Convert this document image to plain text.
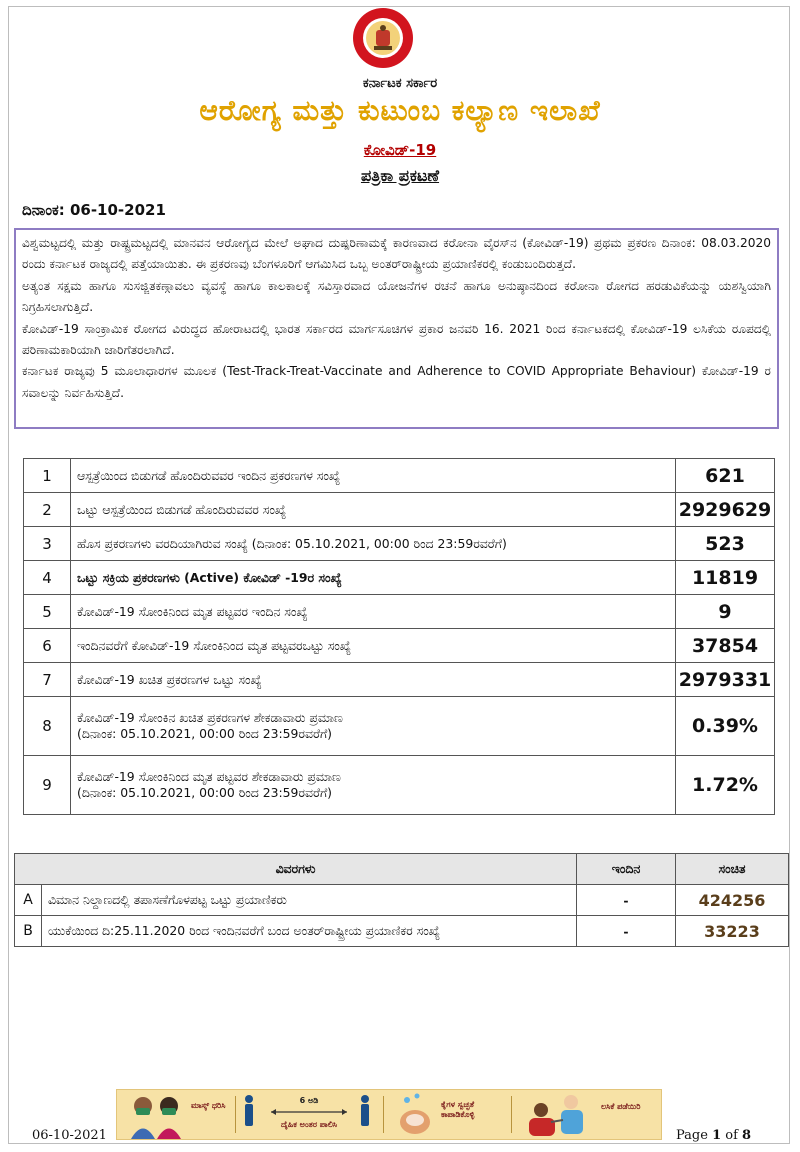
ಕರ್ನಾಟಕ ಸರ್ಕಾರ
ಆರೋಗ್ಯ ಮತ್ತು ಕುಟುಂಬ ಕಲ್ಯಾಣ ಇಲಾಖೆ
ಕೋವಿಡ್-19
ಪತ್ರಿಕಾ ಪ್ರಕಟಣೆ
ದಿನಾಂಕ: 06-10-2021

ವಿಶ್ವಮಟ್ಟದಲ್ಲಿ ಮತ್ತು ರಾಷ್ಟ್ರಮಟ್ಟದಲ್ಲಿ ಮಾನವನ ಆರೋಗ್ಯದ ಮೇಲೆ ಅಘಾದ ದುಷ್ಪರಿಣಾಮಕ್ಕೆ ಕಾರಣವಾದ ಕರೋನಾ ವೈರಸ್‌ನ (ಕೋವಿಡ್-19) ಪ್ರಥಮ ಪ್ರಕರಣ ದಿನಾಂಕ: 08.03.2020 ರಂದು ಕರ್ನಾಟಕ ರಾಜ್ಯದಲ್ಲಿ ಪತ್ತೆಯಾಯಿತು. ಈ ಪ್ರಕರಣವು ಬೆಂಗಳೂರಿಗೆ ಆಗಮಿಸಿದ ಒಬ್ಬ ಅಂತರ್‌ರಾಷ್ಟ್ರೀಯ ಪ್ರಯಾಣಿಕರಲ್ಲಿ ಕಂಡುಬಂದಿರುತ್ತದೆ.

ಅತ್ಯಂತ ಸಕ್ಷಮ ಹಾಗೂ ಸುಸಜ್ಜಿತಕಣ್ಗಾವಲು ವ್ಯವಸ್ಥೆ ಹಾಗೂ ಕಾಲಕಾಲಕ್ಕೆ ಸವಿಸ್ತಾರವಾದ ಯೋಜನೆಗಳ ರಚನೆ ಹಾಗೂ ಅನುಷ್ಠಾನದಿಂದ ಕರೋನಾ ರೋಗದ ಹರಡುವಿಕೆಯನ್ನು ಯಶಸ್ವಿಯಾಗಿ ನಿಗ್ರಹಿಸಲಾಗುತ್ತಿದೆ.

ಕೋವಿಡ್-19 ಸಾಂಕ್ರಾಮಿಕ ರೋಗದ ವಿರುದ್ಧದ ಹೋರಾಟದಲ್ಲಿ ಭಾರತ ಸರ್ಕಾರದ ಮಾರ್ಗಸೂಚಿಗಳ ಪ್ರಕಾರ ಜನವರಿ 16. 2021 ರಿಂದ ಕರ್ನಾಟಕದಲ್ಲಿ ಕೋವಿಡ್-19 ಲಸಿಕೆಯ ರೂಪದಲ್ಲಿ ಪರಿಣಾಮಕಾರಿಯಾಗಿ ಜಾರಿಗೆತರಲಾಗಿದೆ.

ಕರ್ನಾಟಕ ರಾಜ್ಯವು 5 ಮೂಲಾಧಾರಗಳ ಮೂಲಕ (Test-Track-Treat-Vaccinate and Adherence to COVID Appropriate Behaviour) ಕೋವಿಡ್-19 ರ ಸವಾಲನ್ನು ನಿರ್ವಹಿಸುತ್ತಿದೆ.

1	ಆಸ್ಪತ್ರೆಯಿಂದ ಬಿಡುಗಡೆ ಹೊಂದಿರುವವರ ಇಂದಿನ ಪ್ರಕರಣಗಳ ಸಂಖ್ಯೆ	621
2	ಒಟ್ಟು ಆಸ್ಪತ್ರೆಯಿಂದ ಬಿಡುಗಡೆ ಹೊಂದಿರುವವರ ಸಂಖ್ಯೆ	2929629
3	ಹೊಸ ಪ್ರಕರಣಗಳು ವರದಿಯಾಗಿರುವ ಸಂಖ್ಯೆ (ದಿನಾಂಕ: 05.10.2021, 00:00 ರಿಂದ 23:59ರವರೆಗೆ)	523
4	ಒಟ್ಟು ಸಕ್ರಿಯ ಪ್ರಕರಣಗಳು (Active) ಕೋವಿಡ್ -19ರ ಸಂಖ್ಯೆ	11819
5	ಕೋವಿಡ್-19 ಸೋಂಕಿನಿಂದ ಮೃತ ಪಟ್ಟವರ ಇಂದಿನ ಸಂಖ್ಯೆ	9
6	ಇಂದಿನವರೆಗೆ ಕೋವಿಡ್-19 ಸೋಂಕಿನಿಂದ ಮೃತ ಪಟ್ಟವರಒಟ್ಟು ಸಂಖ್ಯೆ	37854
7	ಕೋವಿಡ್-19 ಖಚಿತ ಪ್ರಕರಣಗಳ ಒಟ್ಟು ಸಂಖ್ಯೆ	2979331
8	ಕೋವಿಡ್-19 ಸೋಂಕಿನ ಖಚಿತ ಪ್ರಕರಣಗಳ ಶೇಕಡಾವಾರು ಪ್ರಮಾಣ
(ದಿನಾಂಕ: 05.10.2021, 00:00 ರಿಂದ 23:59ರವರೆಗೆ)	0.39%
9	ಕೋವಿಡ್-19 ಸೋಂಕಿನಿಂದ ಮೃತ ಪಟ್ಟವರ ಶೇಕಡಾವಾರು ಪ್ರಮಾಣ
(ದಿನಾಂಕ: 05.10.2021, 00:00 ರಿಂದ 23:59ರವರೆಗೆ)	1.72%
ವಿವರಗಳು		ಇಂದಿನ	ಸಂಚಿತ
A	ವಿಮಾನ ನಿಲ್ದಾಣದಲ್ಲಿ ತಪಾಸಣೆಗೊಳಪಟ್ಟ ಒಟ್ಟು ಪ್ರಯಾಣಿಕರು	-	424256
B	ಯುಕೆಯಿಂದ ದಿ:25.11.2020 ರಿಂದ ಇಂದಿನವರೆಗೆ ಬಂದ ಅಂತರ್‌ರಾಷ್ಟ್ರೀಯ ಪ್ರಯಾಣಿಕರ ಸಂಖ್ಯೆ	-	33223
ಮಾಸ್ಕ್ ಧರಿಸಿ
6 ಅಡಿ
ದೈಹಿಕ ಅಂತರ ಪಾಲಿಸಿ
ಕೈಗಳ ಸ್ವಚ್ಛತೆ ಕಾಪಾಡಿಕೊಳ್ಳಿ
ಲಸಿಕೆ ಪಡೆಯಿರಿ
06-10-2021	Page 1 of 8
